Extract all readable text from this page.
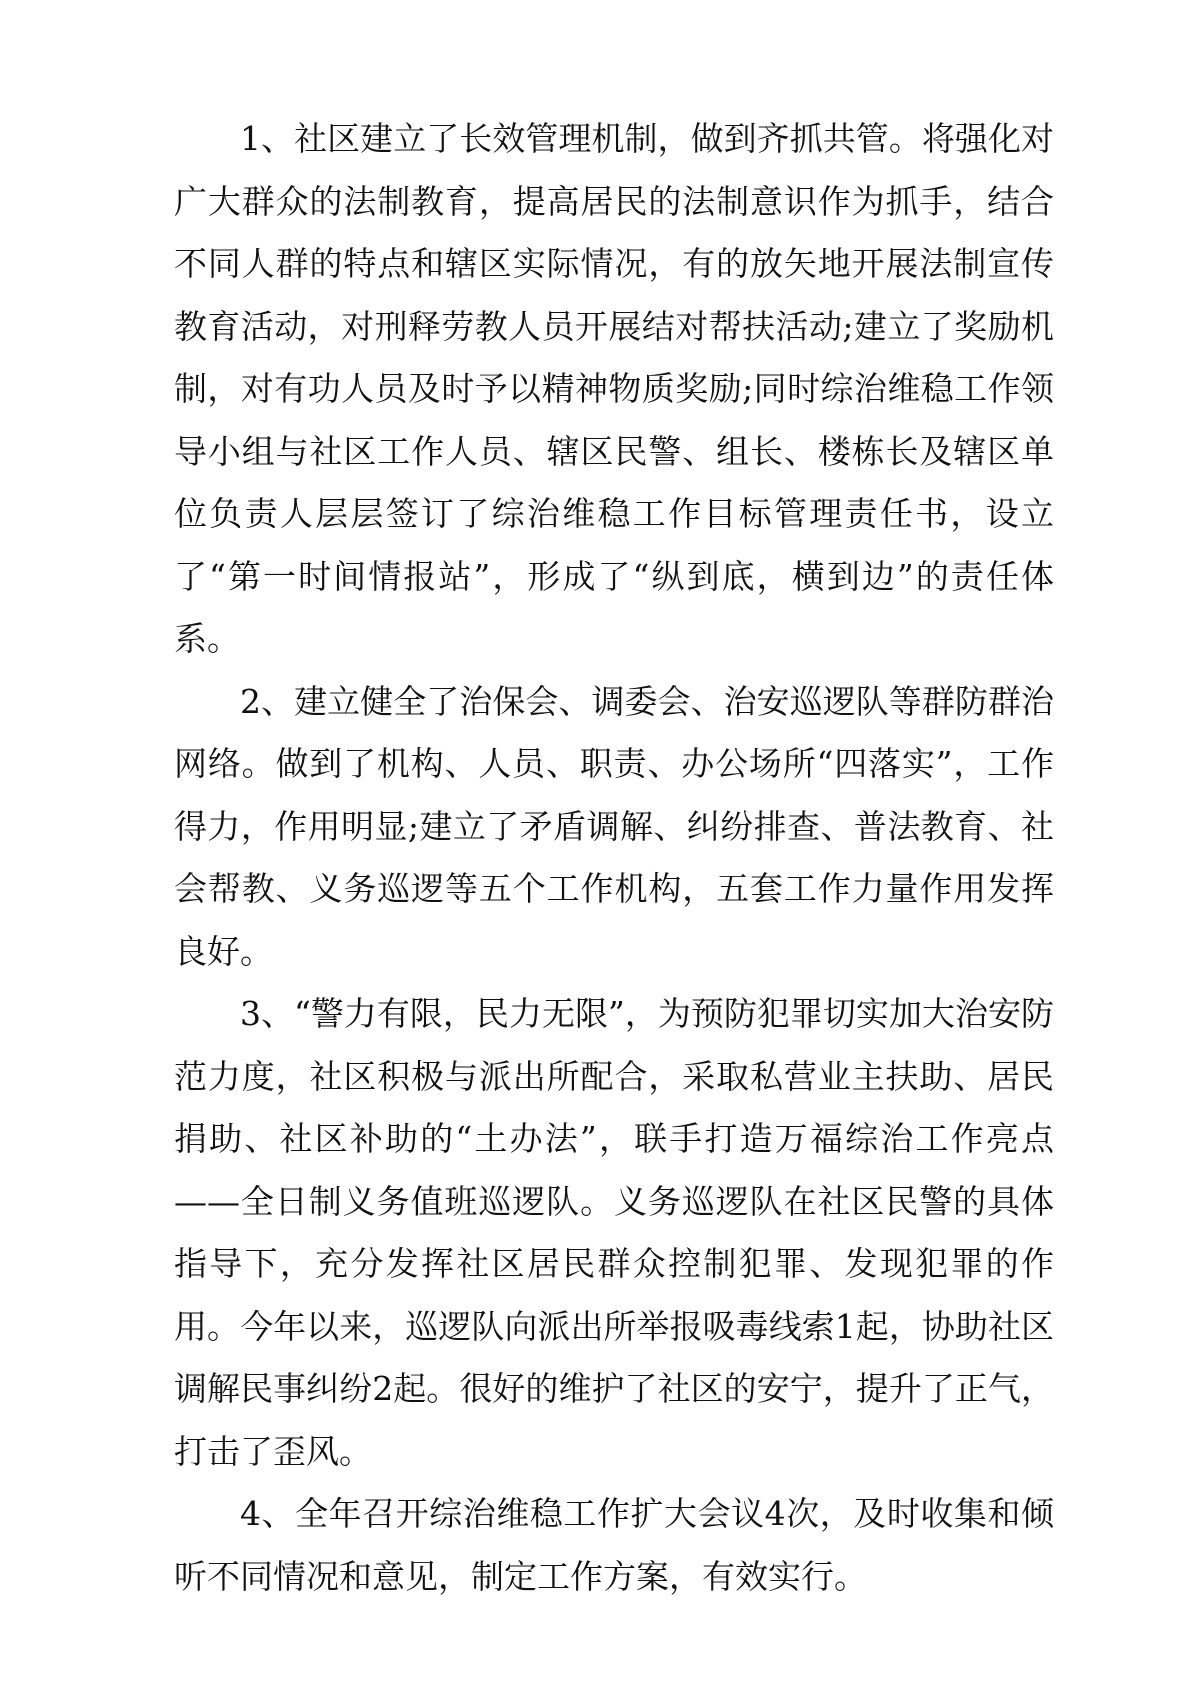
1、社区建立了长效管理机制，做到齐抓共管。将强化对广大群众的法制教育，提高居民的法制意识作为抓手，结合不同人群的特点和辖区实际情况，有的放矢地开展法制宣传教育活动，对刑释劳教人员开展结对帮扶活动;建立了奖励机制，对有功人员及时予以精神物质奖励;同时综治维稳工作领导小组与社区工作人员、辖区民警、组长、楼栋长及辖区单位负责人层层签订了综治维稳工作目标管理责任书，设立了“第一时间情报站”，形成了“纵到底，横到边”的责任体系。

2、建立健全了治保会、调委会、治安巡逻队等群防群治网络。做到了机构、人员、职责、办公场所“四落实”，工作得力，作用明显;建立了矛盾调解、纠纷排查、普法教育、社会帮教、义务巡逻等五个工作机构，五套工作力量作用发挥良好。

3、“警力有限，民力无限”，为预防犯罪切实加大治安防范力度，社区积极与派出所配合，采取私营业主扶助、居民捐助、社区补助的“土办法”，联手打造万福综治工作亮点——全日制义务值班巡逻队。义务巡逻队在社区民警的具体指导下，充分发挥社区居民群众控制犯罪、发现犯罪的作用。今年以来，巡逻队向派出所举报吸毒线索1起，协助社区调解民事纠纷2起。很好的维护了社区的安宁，提升了正气，打击了歪风。

4、全年召开综治维稳工作扩大会议4次，及时收集和倾听不同情况和意见，制定工作方案，有效实行。
